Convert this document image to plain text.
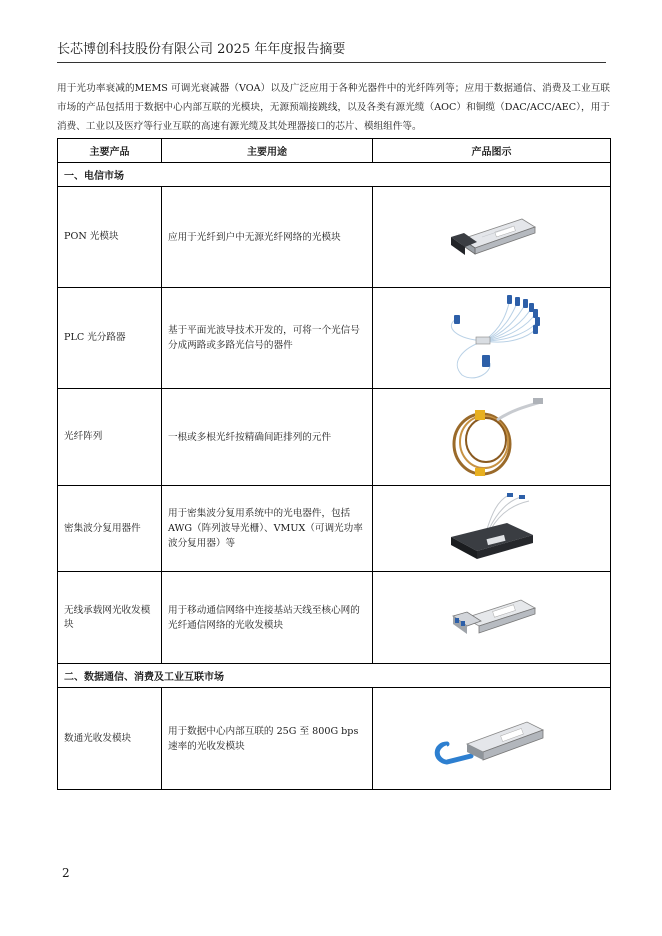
长芯博创科技股份有限公司 2025 年年度报告摘要

用于光功率衰减的MEMS 可调光衰减器（VOA）以及广泛应用于各种光器件中的光纤阵列等；应用于数据通信、消费及工业互联市场的产品包括用于数据中心内部互联的光模块，无源预端接跳线，以及各类有源光缆（AOC）和铜缆（DAC/ACC/AEC），用于消费、工业以及医疗等行业互联的高速有源光缆及其处理器接口的芯片、模组组件等。

主要产品	主要用途	产品图示
一、电信市场		
PON 光模块	应用于光纤到户中无源光纤网络的光模块	

PLC 光分路器	基于平面光波导技术开发的，可将一个光信号分成两路或多路光信号的器件	

光纤阵列	一根或多根光纤按精确间距排列的元件	

密集波分复用器件	用于密集波分复用系统中的光电器件，包括AWG（阵列波导光栅）、VMUX（可调光功率波分复用器）等	

无线承载网光收发模块	用于移动通信网络中连接基站天线至核心网的光纤通信网络的光收发模块	

二、数据通信、消费及工业互联市场		
数通光收发模块	用于数据中心内部互联的 25G 至 800G bps 速率的光收发模块	
2
